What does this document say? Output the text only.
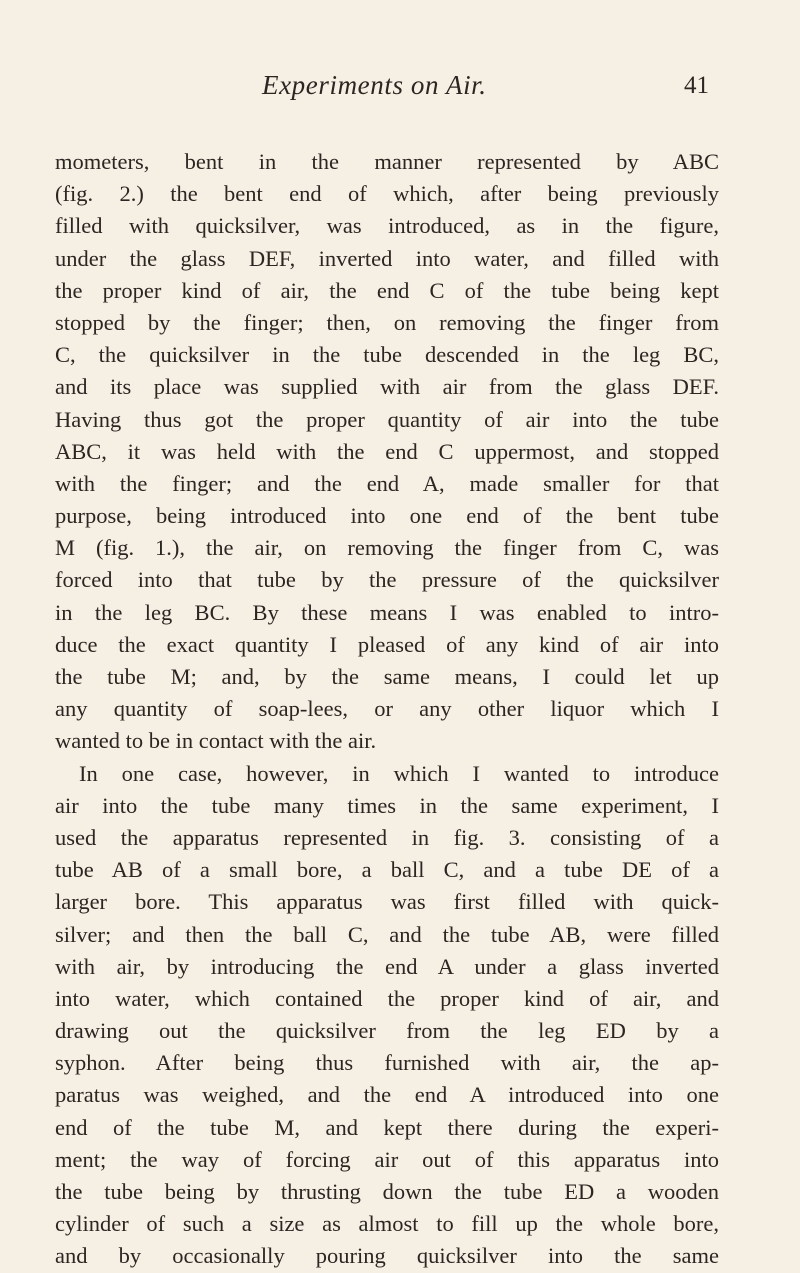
Experiments on Air.	41
mometers, bent in the manner represented by ABC
(fig. 2.) the bent end of which, after being previously
filled with quicksilver, was introduced, as in the figure,
under the glass DEF, inverted into water, and filled with
the proper kind of air, the end C of the tube being kept
stopped by the finger; then, on removing the finger from
C, the quicksilver in the tube descended in the leg BC,
and its place was supplied with air from the glass DEF.
Having thus got the proper quantity of air into the tube
ABC, it was held with the end C uppermost, and stopped
with the finger; and the end A, made smaller for that
purpose, being introduced into one end of the bent tube
M (fig. 1.), the air, on removing the finger from C, was
forced into that tube by the pressure of the quicksilver
in the leg BC. By these means I was enabled to intro-
duce the exact quantity I pleased of any kind of air into
the tube M; and, by the same means, I could let up
any quantity of soap-lees, or any other liquor which I
wanted to be in contact with the air.
In one case, however, in which I wanted to introduce
air into the tube many times in the same experiment, I
used the apparatus represented in fig. 3. consisting of a
tube AB of a small bore, a ball C, and a tube DE of a
larger bore. This apparatus was first filled with quick-
silver; and then the ball C, and the tube AB, were filled
with air, by introducing the end A under a glass inverted
into water, which contained the proper kind of air, and
drawing out the quicksilver from the leg ED by a
syphon. After being thus furnished with air, the ap-
paratus was weighed, and the end A introduced into one
end of the tube M, and kept there during the experi-
ment; the way of forcing air out of this apparatus into
the tube being by thrusting down the tube ED a wooden
cylinder of such a size as almost to fill up the whole bore,
and by occasionally pouring quicksilver into the same
